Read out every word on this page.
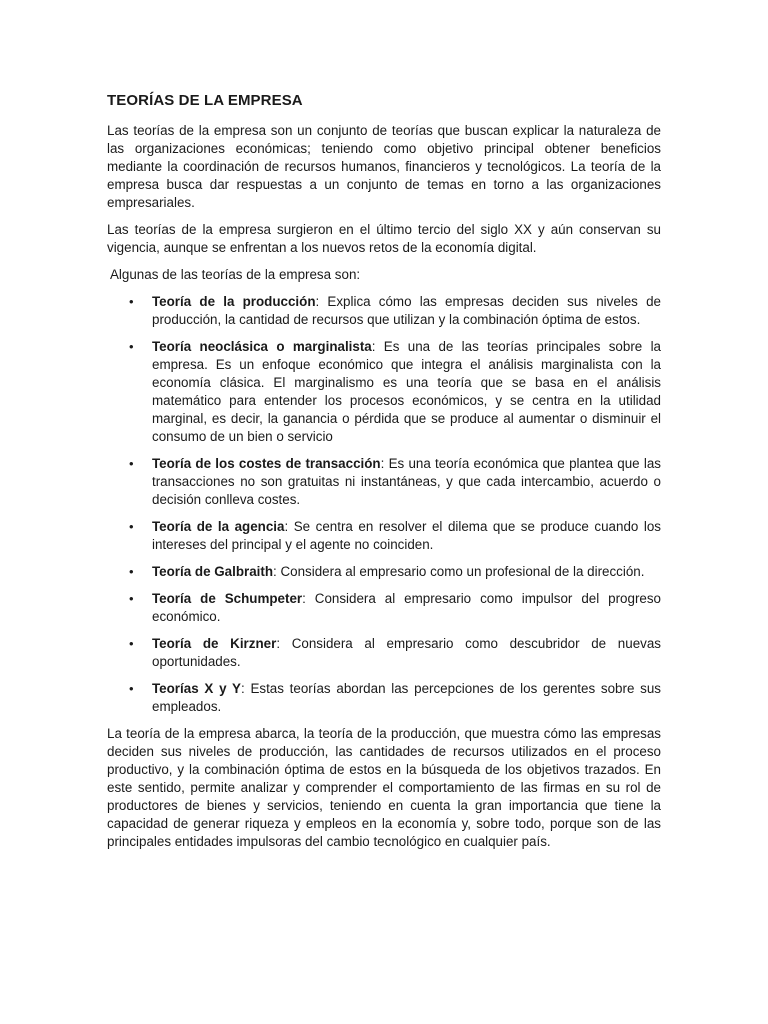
TEORÍAS DE LA EMPRESA

Las teorías de la empresa son un conjunto de teorías que buscan explicar la naturaleza de las organizaciones económicas; teniendo como objetivo principal obtener beneficios mediante la coordinación de recursos humanos, financieros y tecnológicos. La teoría de la empresa busca dar respuestas a un conjunto de temas en torno a las organizaciones empresariales.

Las teorías de la empresa surgieron en el último tercio del siglo XX y aún conservan su vigencia, aunque se enfrentan a los nuevos retos de la economía digital.

Algunas de las teorías de la empresa son:

• Teoría de la producción: Explica cómo las empresas deciden sus niveles de producción, la cantidad de recursos que utilizan y la combinación óptima de estos.
• Teoría neoclásica o marginalista: Es una de las teorías principales sobre la empresa. Es un enfoque económico que integra el análisis marginalista con la economía clásica. El marginalismo es una teoría que se basa en el análisis matemático para entender los procesos económicos, y se centra en la utilidad marginal, es decir, la ganancia o pérdida que se produce al aumentar o disminuir el consumo de un bien o servicio
• Teoría de los costes de transacción: Es una teoría económica que plantea que las transacciones no son gratuitas ni instantáneas, y que cada intercambio, acuerdo o decisión conlleva costes.
• Teoría de la agencia: Se centra en resolver el dilema que se produce cuando los intereses del principal y el agente no coinciden.
• Teoría de Galbraith: Considera al empresario como un profesional de la dirección.
• Teoría de Schumpeter: Considera al empresario como impulsor del progreso económico.
• Teoría de Kirzner: Considera al empresario como descubridor de nuevas oportunidades.
• Teorías X y Y: Estas teorías abordan las percepciones de los gerentes sobre sus empleados.

La teoría de la empresa abarca, la teoría de la producción, que muestra cómo las empresas deciden sus niveles de producción, las cantidades de recursos utilizados en el proceso productivo, y la combinación óptima de estos en la búsqueda de los objetivos trazados. En este sentido, permite analizar y comprender el comportamiento de las firmas en su rol de productores de bienes y servicios, teniendo en cuenta la gran importancia que tiene la capacidad de generar riqueza y empleos en la economía y, sobre todo, porque son de las principales entidades impulsoras del cambio tecnológico en cualquier país.
